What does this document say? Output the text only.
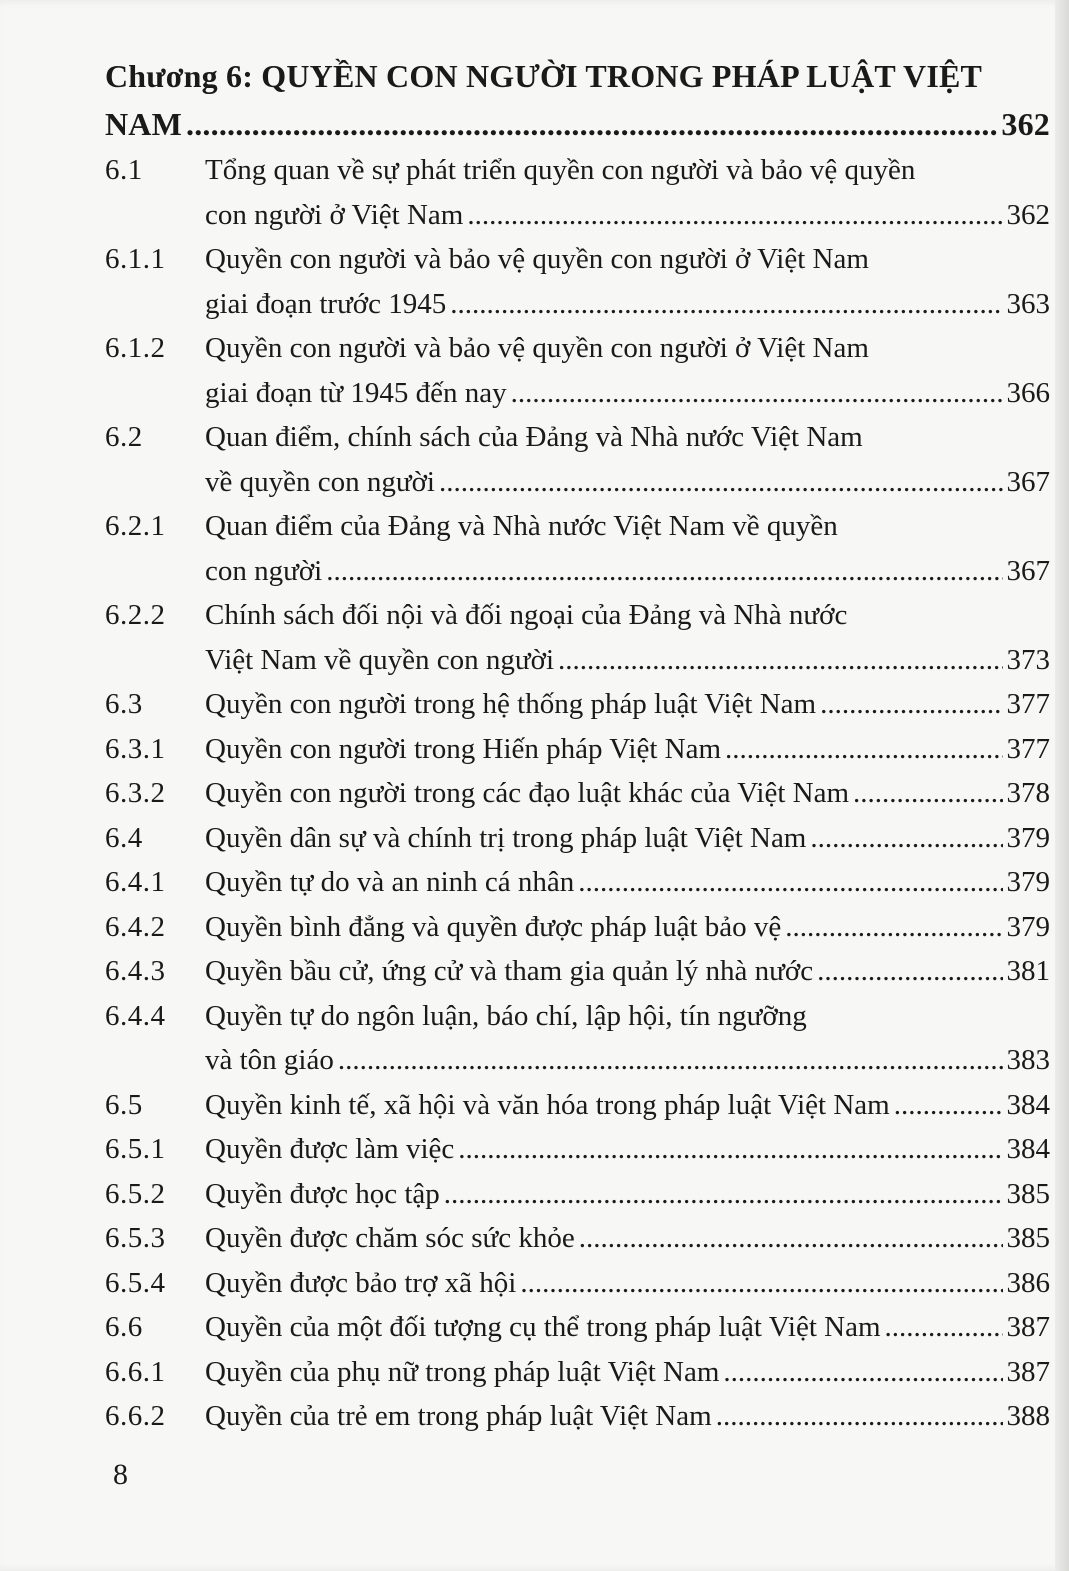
Chương 6: QUYỀN CON NGƯỜI TRONG PHÁP LUẬT VIỆT
NAM .....	362
6.1	Tổng quan về sự phát triển quyền con người và bảo vệ quyền
con người ở Việt Nam .....	362
6.1.1	Quyền con người và bảo vệ quyền con người ở Việt Nam
giai đoạn trước 1945 .....	363
6.1.2	Quyền con người và bảo vệ quyền con người ở Việt Nam
giai đoạn từ 1945 đến nay .....	366
6.2	Quan điểm, chính sách của Đảng và Nhà nước Việt Nam
về quyền con người .....	367
6.2.1	Quan điểm của Đảng và Nhà nước Việt Nam về quyền
con người .....	367
6.2.2	Chính sách đối nội và đối ngoại của Đảng và Nhà nước
Việt Nam về quyền con người .....	373
6.3	Quyền con người trong hệ thống pháp luật Việt Nam .....	377
6.3.1	Quyền con người trong Hiến pháp Việt Nam .....	377
6.3.2	Quyền con người trong các đạo luật khác của Việt Nam .....	378
6.4	Quyền dân sự và chính trị trong pháp luật Việt Nam .....	379
6.4.1	Quyền tự do và an ninh cá nhân .....	379
6.4.2	Quyền bình đẳng và quyền được pháp luật bảo vệ .....	379
6.4.3	Quyền bầu cử, ứng cử và tham gia quản lý nhà nước .....	381
6.4.4	Quyền tự do ngôn luận, báo chí, lập hội, tín ngưỡng
và tôn giáo .....	383
6.5	Quyền kinh tế, xã hội và văn hóa trong pháp luật Việt Nam .....	384
6.5.1	Quyền được làm việc .....	384
6.5.2	Quyền được học tập .....	385
6.5.3	Quyền được chăm sóc sức khỏe .....	385
6.5.4	Quyền được bảo trợ xã hội .....	386
6.6	Quyền của một đối tượng cụ thể trong pháp luật Việt Nam .....	387
6.6.1	Quyền của phụ nữ trong pháp luật Việt Nam .....	387
6.6.2	Quyền của trẻ em trong pháp luật Việt Nam .....	388
8
